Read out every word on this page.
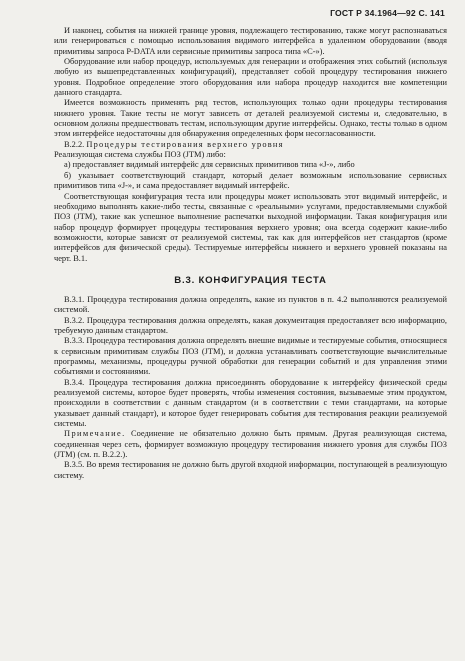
ГОСТ Р 34.1964—92 С. 141

И наконец, события на нижней границе уровня, подлежащего тестированию, также могут распознаваться или генерироваться с помощью использования видимого интерфейса в удаленном оборудовании (вводя примитивы запроса P-DATA или сервисные примитивы запроса типа «С-»).

Оборудование или набор процедур, используемых для генерации и отображения этих событий (используя любую из вышепредставленных конфигураций), представляет собой процедуру тестирования нижнего уровня. Подробное определение этого оборудования или набора процедур находится вне компетенции данного стандарта.

Имеется возможность применять ряд тестов, использующих только одни процедуры тестирования нижнего уровня. Такие тесты не могут зависеть от деталей реализуемой системы и, следовательно, в основном должны предшествовать тестам, использующим другие интерфейсы. Однако, тесты только в одном этом интерфейсе недостаточны для обнаружения определенных форм несогласованности.

В.2.2. Процедуры тестирования верхнего уровня

Реализующая система службы ПОЗ (JTM) либо:

а) предоставляет видимый интерфейс для сервисных примитивов типа «J-», либо

б) указывает соответствующий стандарт, который делает возможным использование сервисных примитивов типа «J-», и сама предоставляет видимый интерфейс.

Соответствующая конфигурация теста или процедуры может использовать этот видимый интерфейс, и необходимо выполнять какие-либо тесты, связанные с «реальными» услугами, предоставляемыми службой ПОЗ (JTM), такие как успешное выполнение распечатки выходной информации. Такая конфигурация или набор процедур формирует процедуры тестирования верхнего уровня; она всегда содержит какие-либо возможности, которые зависят от реализуемой системы, так как для интерфейсов нет стандартов (кроме интерфейсов для физической среды). Тестируемые интерфейсы нижнего и верхнего уровней показаны на черт. В.1.

В.3. КОНФИГУРАЦИЯ ТЕСТА

В.3.1. Процедура тестирования должна определять, какие из пунктов в п. 4.2 выполняются реализуемой системой.

В.3.2. Процедура тестирования должна определять, какая документация предоставляет всю информацию, требуемую данным стандартом.

В.3.3. Процедура тестирования должна определять внешне видимые и тестируемые события, относящиеся к сервисным примитивам службы ПОЗ (JTM), и должна устанавливать соответствующие вычислительные программы, механизмы, процедуры ручной обработки для генерации событий и для управления этими событиями и состояниями.

В.3.4. Процедура тестирования должна присоединять оборудование к интерфейсу физической среды реализуемой системы, которое будет проверять, чтобы изменения состояния, вызываемые этим продуктом, происходили в соответствии с данным стандартом (и в соответствии с теми стандартами, на которые указывает данный стандарт), и которое будет генерировать события для тестирования реакции реализуемой системы.

Примечание. Соединение не обязательно должно быть прямым. Другая реализующая система, соединенная через сеть, формирует возможную процедуру тестирования нижнего уровня для службы ПОЗ (JTM) (см. п. В.2.2.).

В.3.5. Во время тестирования не должно быть другой входной информации, поступающей в реализующую систему.
